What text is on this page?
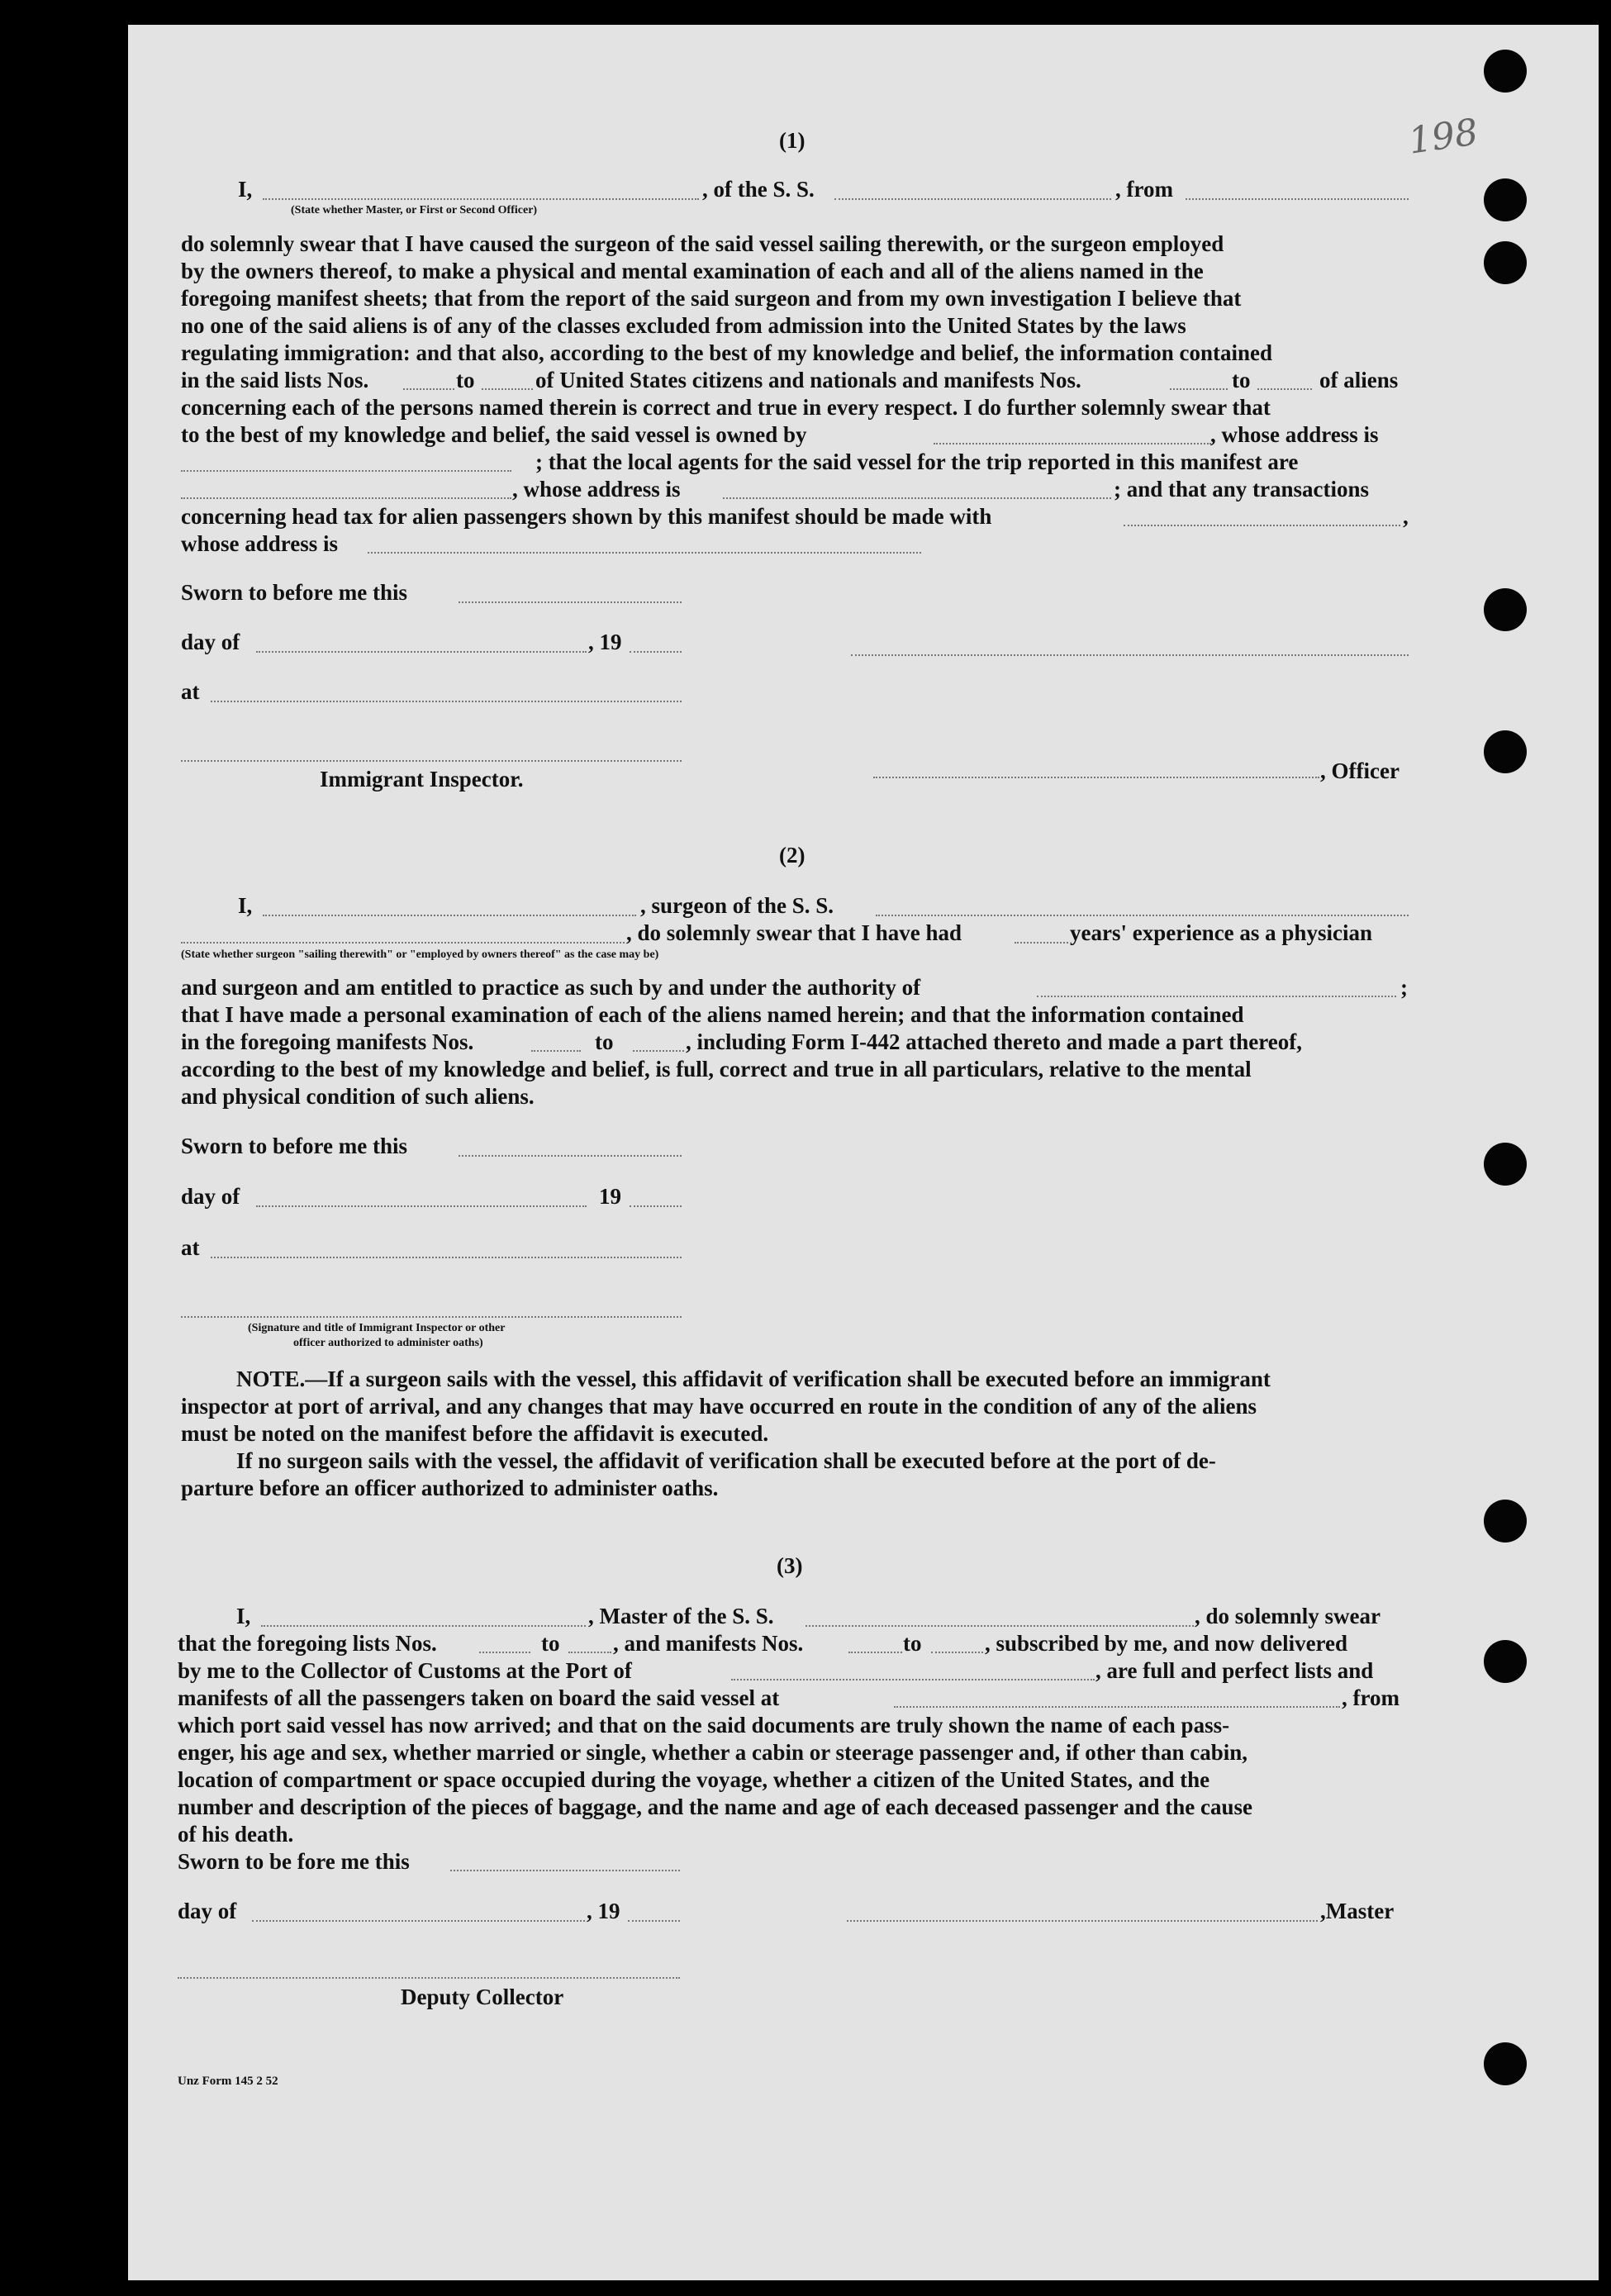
198
(1)
I,	, of the S. S.	, from
(State whether Master, or First or Second Officer)
do solemnly swear that I have caused the surgeon of the said vessel sailing therewith, or the surgeon employed
by the owners thereof, to make a physical and mental examination of each and all of the aliens named in the
foregoing manifest sheets; that from the report of the said surgeon and from my own investigation I believe that
no one of the said aliens is of any of the classes excluded from admission into the United States by the laws
regulating immigration: and that also, according to the best of my knowledge and belief, the information contained
in the said lists Nos.	to	of United States citizens and nationals and manifests Nos.	to	of aliens
concerning each of the persons named therein is correct and true in every respect. I do further solemnly swear that
to the best of my knowledge and belief, the said vessel is owned by	, whose address is
; that the local agents for the said vessel for the trip reported in this manifest are
, whose address is	; and that any transactions
concerning head tax for alien passengers shown by this manifest should be made with	,
whose address is
Sworn to before me this
day of	, 19
at
Immigrant Inspector.	, Officer
(2)
I,	, surgeon of the S. S.
, do solemnly swear that I have had	years' experience as a physician
(State whether surgeon "sailing therewith" or "employed by owners thereof" as the case may be)
and surgeon and am entitled to practice as such by and under the authority of	;
that I have made a personal examination of each of the aliens named herein; and that the information contained
in the foregoing manifests Nos.	to	, including Form I-442 attached thereto and made a part thereof,
according to the best of my knowledge and belief, is full, correct and true in all particulars, relative to the mental
and physical condition of such aliens.
Sworn to before me this
day of	19
at
(Signature and title of Immigrant Inspector or other
officer authorized to administer oaths)
NOTE.—If a surgeon sails with the vessel, this affidavit of verification shall be executed before an immigrant
inspector at port of arrival, and any changes that may have occurred en route in the condition of any of the aliens
must be noted on the manifest before the affidavit is executed.
If no surgeon sails with the vessel, the affidavit of verification shall be executed before at the port of de-
parture before an officer authorized to administer oaths.
(3)
I,	, Master of the S. S.	, do solemnly swear
that the foregoing lists Nos.	to , and manifests Nos.	to	, subscribed by me, and now delivered
by me to the Collector of Customs at the Port of	, are full and perfect lists and
manifests of all the passengers taken on board the said vessel at	, from
which port said vessel has now arrived; and that on the said documents are truly shown the name of each pass-
enger, his age and sex, whether married or single, whether a cabin or steerage passenger and, if other than cabin,
location of compartment or space occupied during the voyage, whether a citizen of the United States, and the
number and description of the pieces of baggage, and the name and age of each deceased passenger and the cause
of his death.
Sworn to be fore me this
day of	, 19	,Master
Deputy Collector
Unz Form 145 2 52
